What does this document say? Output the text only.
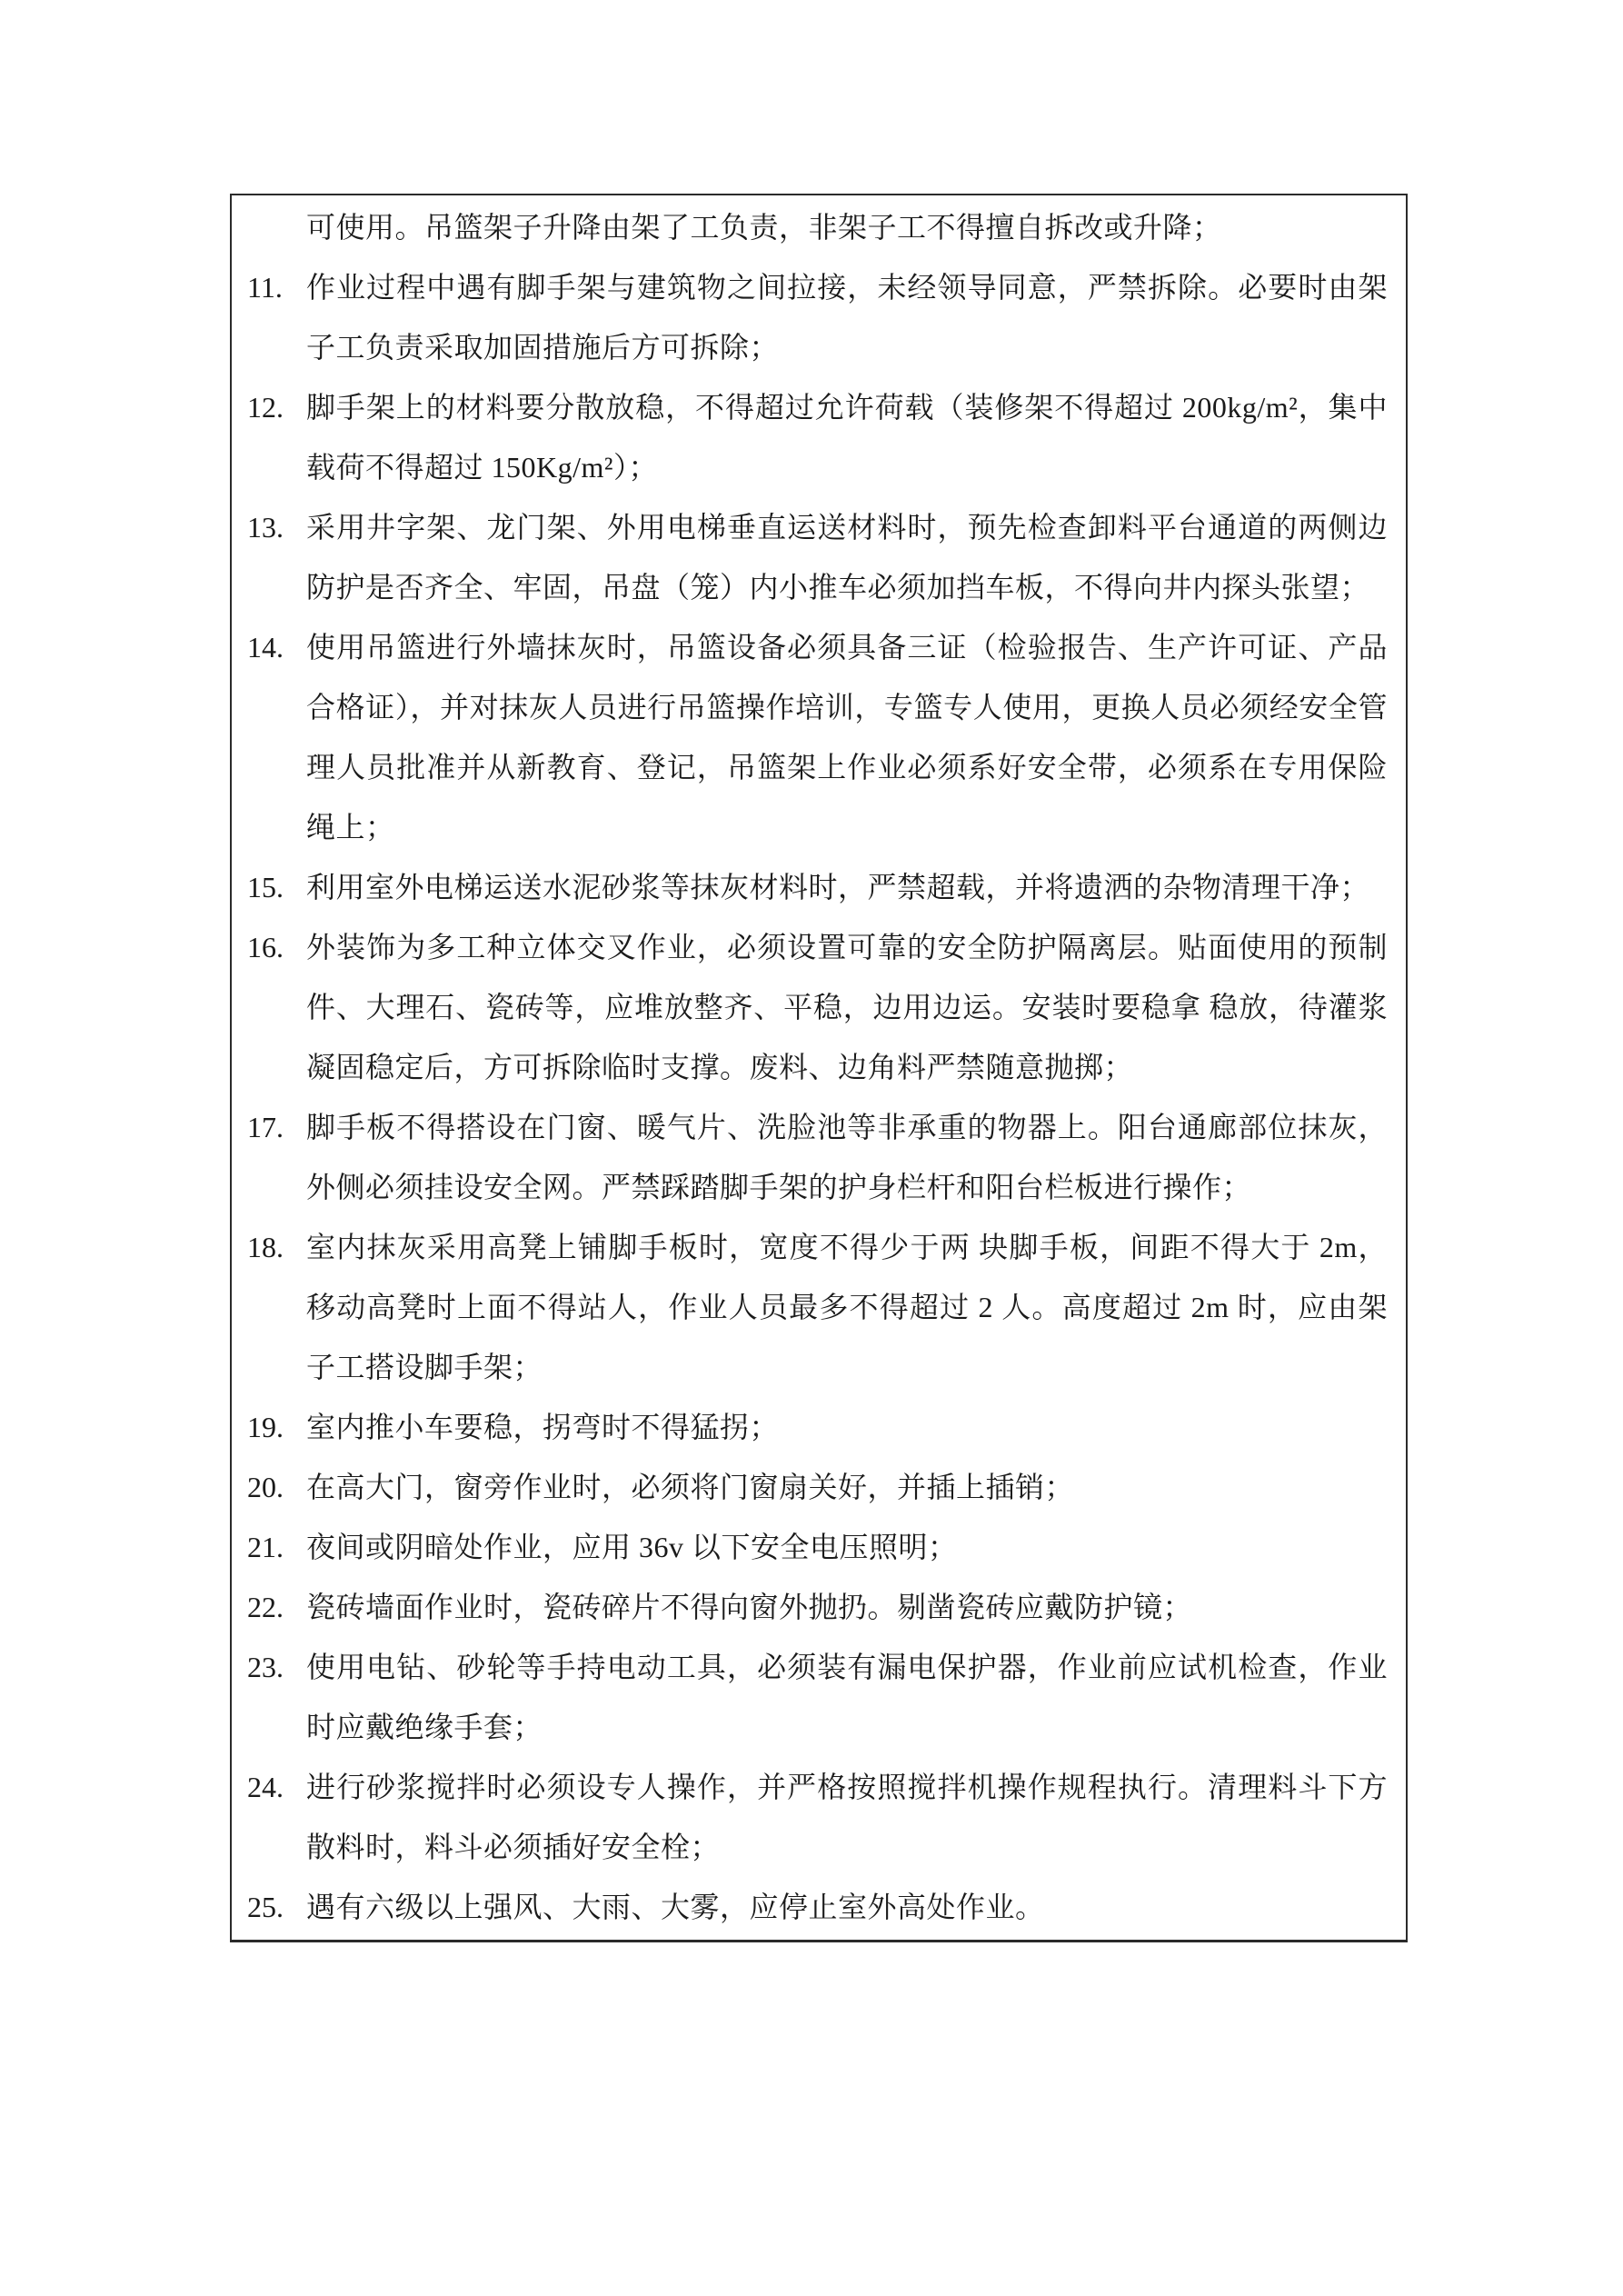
可使用。吊篮架子升降由架了工负责，非架子工不得擅自拆改或升降；
11. 作业过程中遇有脚手架与建筑物之间拉接，未经领导同意，严禁拆除。必要时由架子工负责采取加固措施后方可拆除；
12. 脚手架上的材料要分散放稳，不得超过允许荷载（装修架不得超过 200kg/m²，集中载荷不得超过 150Kg/m²）；
13. 采用井字架、龙门架、外用电梯垂直运送材料时，预先检查卸料平台通道的两侧边防护是否齐全、牢固，吊盘（笼）内小推车必须加挡车板，不得向井内探头张望；
14. 使用吊篮进行外墙抹灰时，吊篮设备必须具备三证（检验报告、生产许可证、产品合格证），并对抹灰人员进行吊篮操作培训，专篮专人使用，更换人员必须经安全管理人员批准并从新教育、登记，吊篮架上作业必须系好安全带，必须系在专用保险绳上；
15. 利用室外电梯运送水泥砂浆等抹灰材料时，严禁超载，并将遗洒的杂物清理干净；
16. 外装饰为多工种立体交叉作业，必须设置可靠的安全防护隔离层。贴面使用的预制件、大理石、瓷砖等，应堆放整齐、平稳，边用边运。安装时要稳拿 稳放，待灌浆凝固稳定后，方可拆除临时支撑。废料、边角料严禁随意抛掷；
17. 脚手板不得搭设在门窗、暖气片、洗脸池等非承重的物器上。阳台通廊部位抹灰，外侧必须挂设安全网。严禁踩踏脚手架的护身栏杆和阳台栏板进行操作；
18. 室内抹灰采用高凳上铺脚手板时，宽度不得少于两 块脚手板，间距不得大于 2m，移动高凳时上面不得站人，作业人员最多不得超过 2 人。高度超过 2m 时，应由架子工搭设脚手架；
19. 室内推小车要稳，拐弯时不得猛拐；
20. 在高大门，窗旁作业时，必须将门窗扇关好，并插上插销；
21. 夜间或阴暗处作业，应用 36v 以下安全电压照明；
22. 瓷砖墙面作业时，瓷砖碎片不得向窗外抛扔。剔凿瓷砖应戴防护镜；
23. 使用电钻、砂轮等手持电动工具，必须装有漏电保护器，作业前应试机检查，作业时应戴绝缘手套；
24. 进行砂浆搅拌时必须设专人操作，并严格按照搅拌机操作规程执行。清理料斗下方散料时，料斗必须插好安全栓；
25. 遇有六级以上强风、大雨、大雾，应停止室外高处作业。
